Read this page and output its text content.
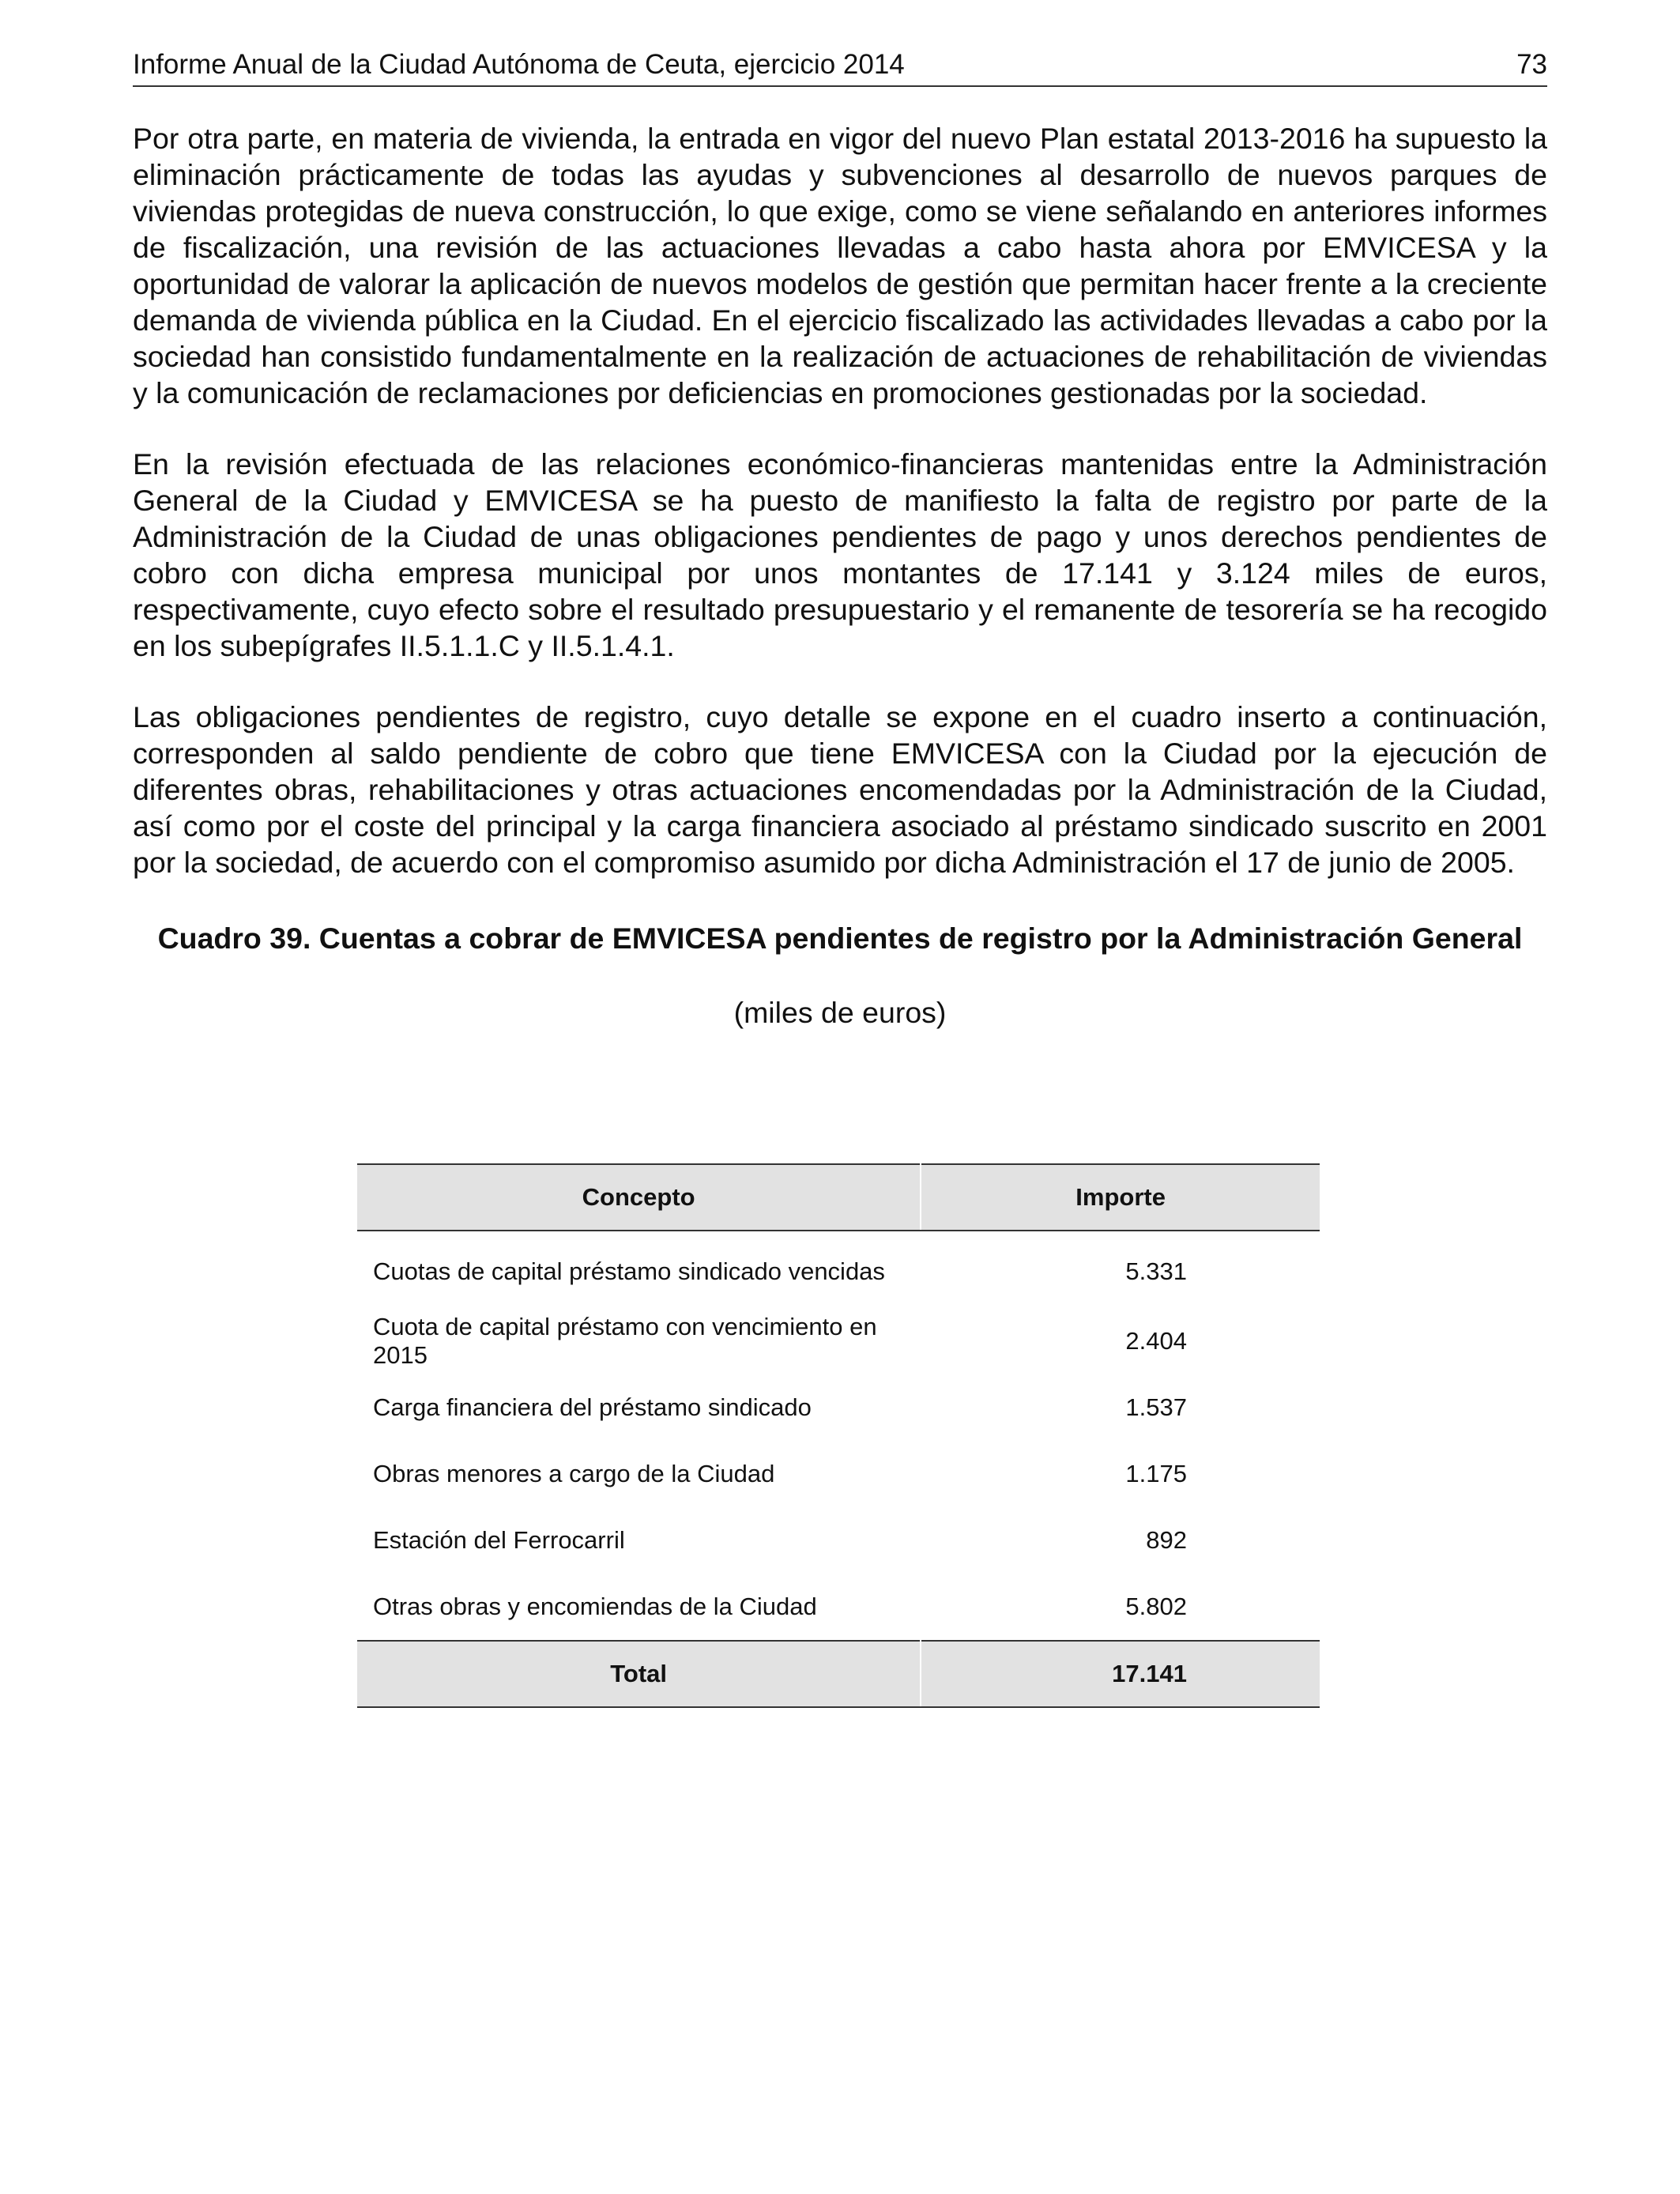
Informe Anual de la Ciudad Autónoma de Ceuta, ejercicio 2014	73

Por otra parte, en materia de vivienda, la entrada en vigor del nuevo Plan estatal 2013-2016 ha supuesto la eliminación prácticamente de todas las ayudas y subvenciones al desarrollo de nuevos parques de viviendas protegidas de nueva construcción, lo que exige, como se viene señalando en anteriores informes de fiscalización, una revisión de las actuaciones llevadas a cabo hasta ahora por EMVICESA y la oportunidad de valorar la aplicación de nuevos modelos de gestión que permitan hacer frente a la creciente demanda de vivienda pública en la Ciudad. En el ejercicio fiscalizado las actividades llevadas a cabo por la sociedad han consistido fundamentalmente en la realización de actuaciones de rehabilitación de viviendas y la comunicación de reclamaciones por deficiencias en promociones gestionadas por la sociedad.

En la revisión efectuada de las relaciones económico-financieras mantenidas entre la Administración General de la Ciudad y EMVICESA se ha puesto de manifiesto la falta de registro por parte de la Administración de la Ciudad de unas obligaciones pendientes de pago y unos derechos pendientes de cobro con dicha empresa municipal por unos montantes de 17.141 y 3.124 miles de euros, respectivamente, cuyo efecto sobre el resultado presupuestario y el remanente de tesorería se ha recogido en los subepígrafes II.5.1.1.C y II.5.1.4.1.

Las obligaciones pendientes de registro, cuyo detalle se expone en el cuadro inserto a continuación, corresponden al saldo pendiente de cobro que tiene EMVICESA con la Ciudad por la ejecución de diferentes obras, rehabilitaciones y otras actuaciones encomendadas por la Administración de la Ciudad, así como por el coste del principal y la carga financiera asociado al préstamo sindicado suscrito en 2001 por la sociedad, de acuerdo con el compromiso asumido por dicha Administración el 17 de junio de 2005.

Cuadro 39. Cuentas a cobrar de EMVICESA pendientes de registro por la Administración General
(miles de euros)
Concepto	Importe
Cuotas de capital préstamo sindicado vencidas	5.331
Cuota de capital préstamo con vencimiento en 2015	2.404
Carga financiera del préstamo sindicado	1.537
Obras menores a cargo de la Ciudad	1.175
Estación del Ferrocarril	892
Otras obras y encomiendas de la Ciudad	5.802
Total	17.141
